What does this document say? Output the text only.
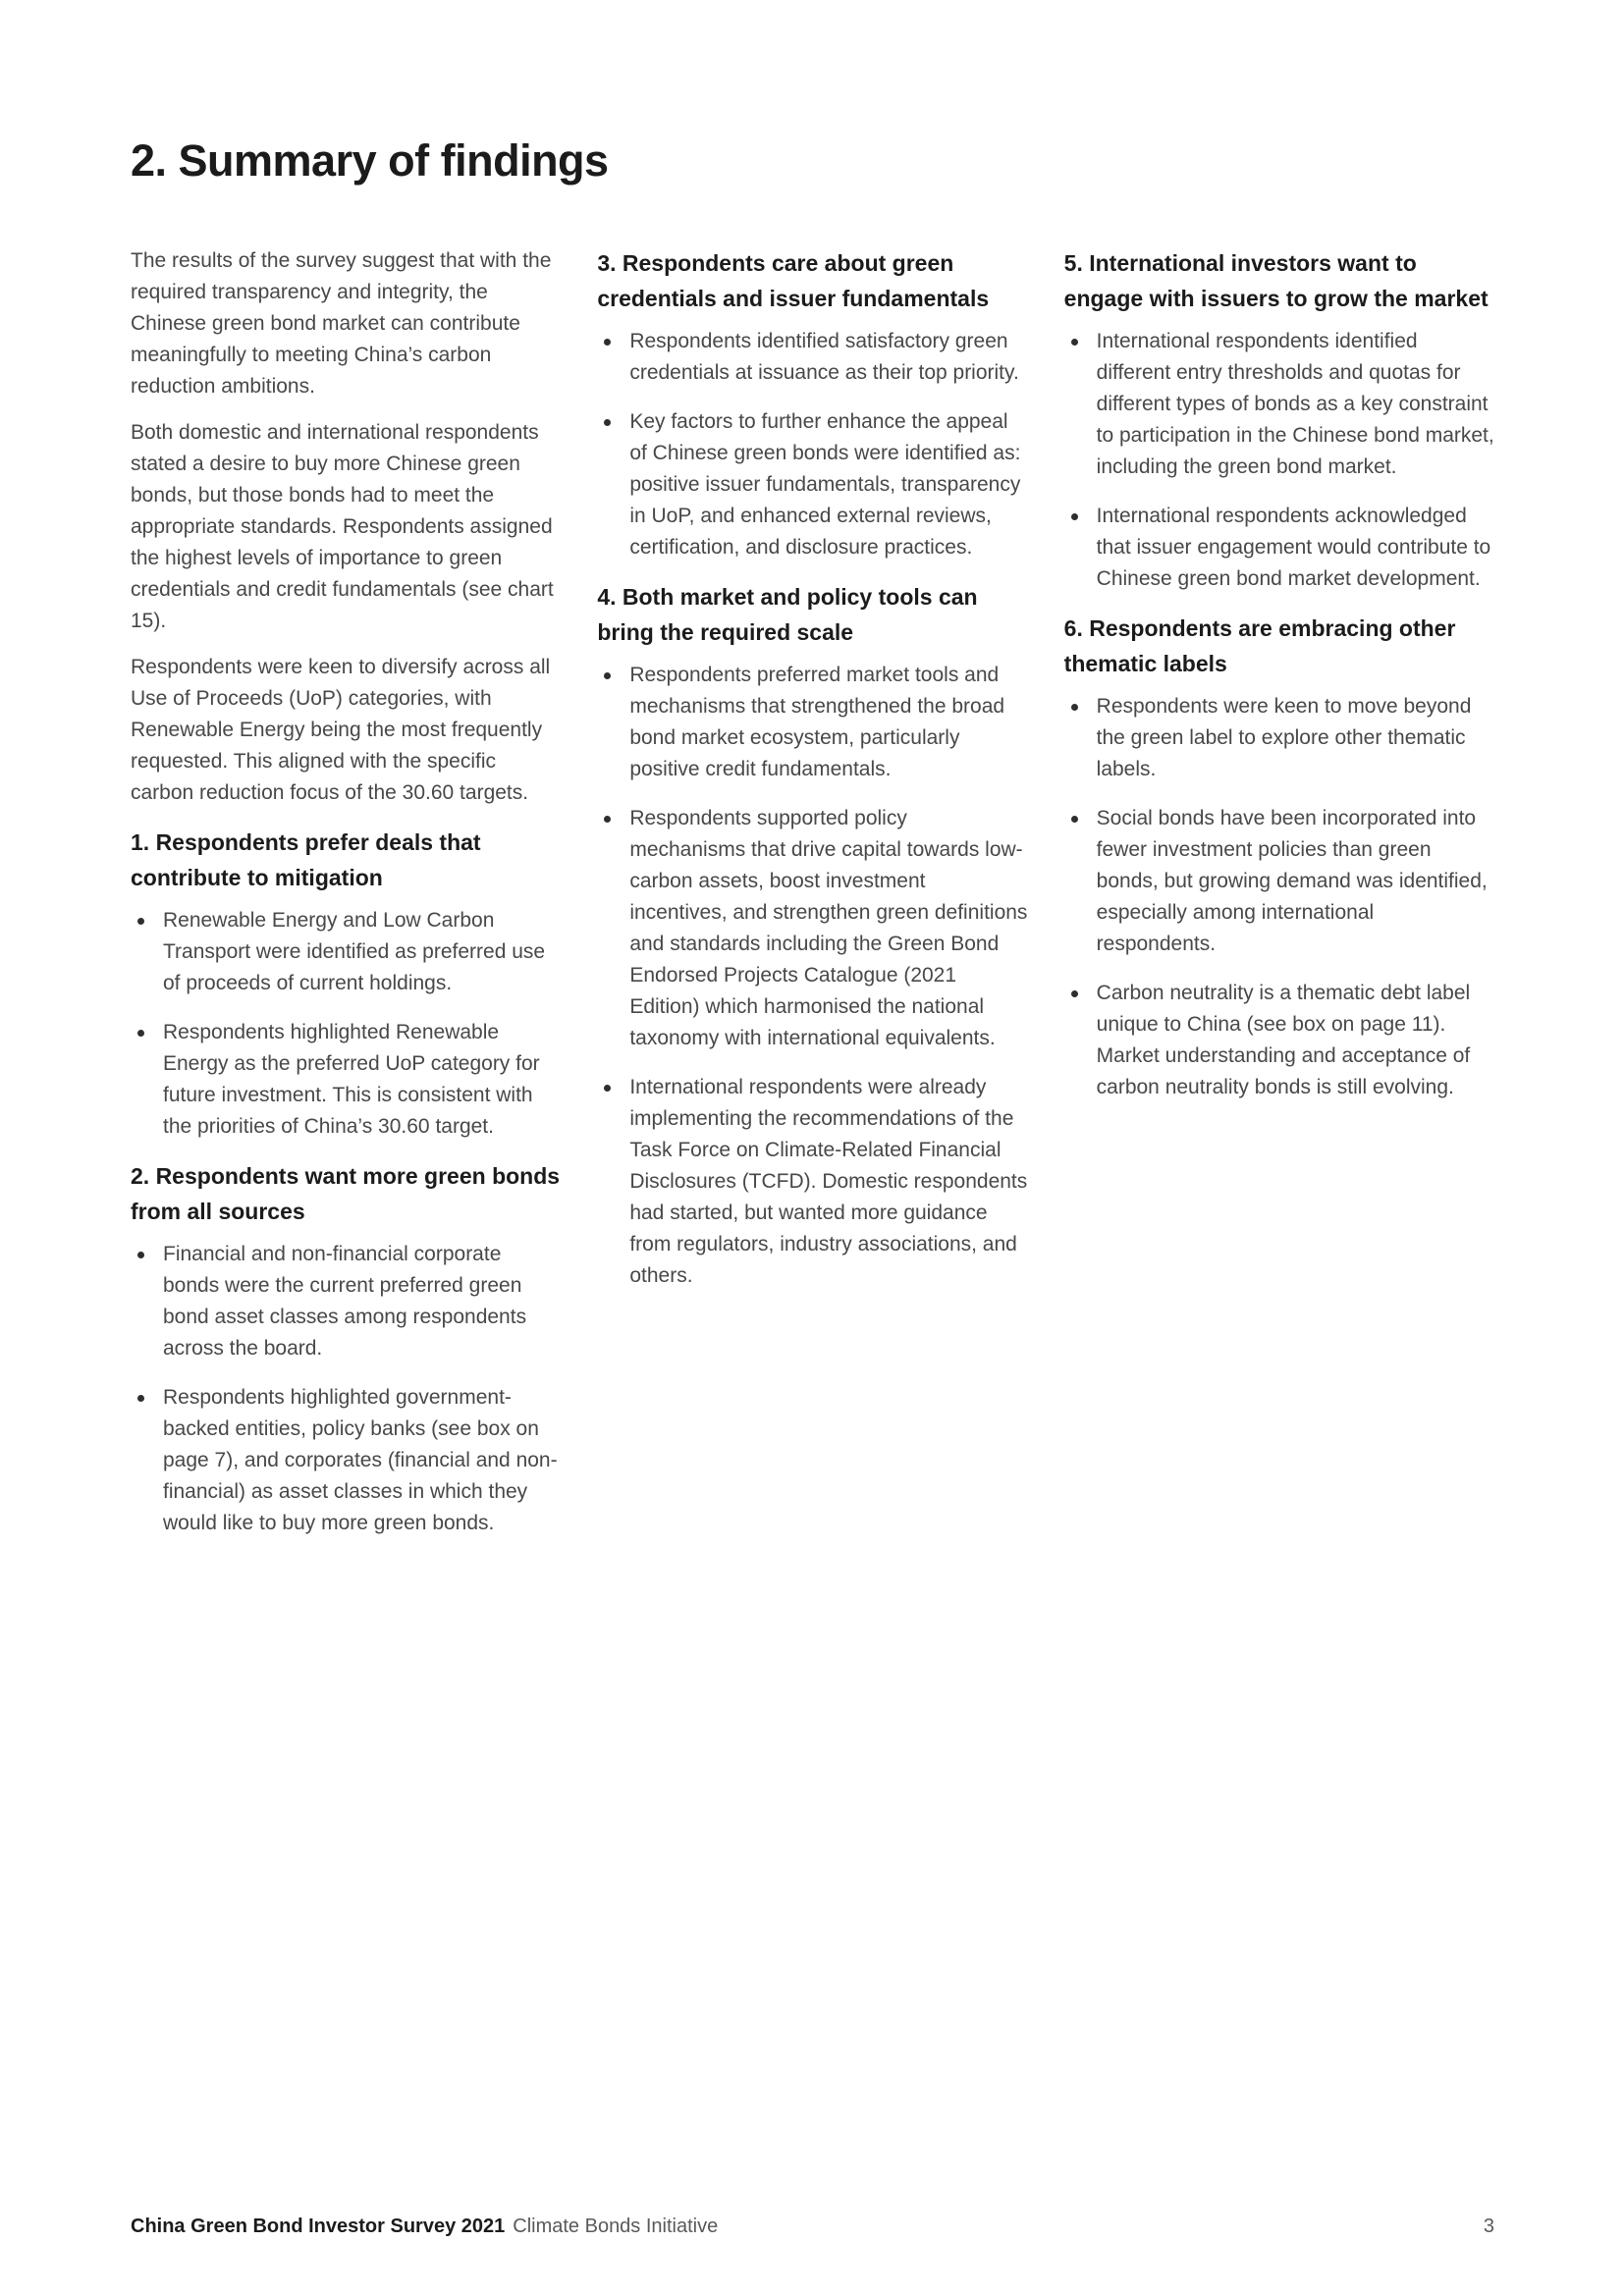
2. Summary of findings

The results of the survey suggest that with the required transparency and integrity, the Chinese green bond market can contribute meaningfully to meeting China’s carbon reduction ambitions.

Both domestic and international respondents stated a desire to buy more Chinese green bonds, but those bonds had to meet the appropriate standards. Respondents assigned the highest levels of importance to green credentials and credit fundamentals (see chart 15).

Respondents were keen to diversify across all Use of Proceeds (UoP) categories, with Renewable Energy being the most frequently requested. This aligned with the specific carbon reduction focus of the 30.60 targets.

1. Respondents prefer deals that contribute to mitigation
Renewable Energy and Low Carbon Transport were identified as preferred use of proceeds of current holdings.
Respondents highlighted Renewable Energy as the preferred UoP category for future investment. This is consistent with the priorities of China’s 30.60 target.
2. Respondents want more green bonds from all sources
Financial and non-financial corporate bonds were the current preferred green bond asset classes among respondents across the board.
Respondents highlighted government-backed entities, policy banks (see box on page 7), and corporates (financial and non-financial) as asset classes in which they would like to buy more green bonds.
3. Respondents care about green credentials and issuer fundamentals
Respondents identified satisfactory green credentials at issuance as their top priority.
Key factors to further enhance the appeal of Chinese green bonds were identified as: positive issuer fundamentals, transparency in UoP, and enhanced external reviews, certification, and disclosure practices.
4. Both market and policy tools can bring the required scale
Respondents preferred market tools and mechanisms that strengthened the broad bond market ecosystem, particularly positive credit fundamentals.
Respondents supported policy mechanisms that drive capital towards low-carbon assets, boost investment incentives, and strengthen green definitions and standards including the Green Bond Endorsed Projects Catalogue (2021 Edition) which harmonised the national taxonomy with international equivalents.
International respondents were already implementing the recommendations of the Task Force on Climate-Related Financial Disclosures (TCFD). Domestic respondents had started, but wanted more guidance from regulators, industry associations, and others.
5. International investors want to engage with issuers to grow the market
International respondents identified different entry thresholds and quotas for different types of bonds as a key constraint to participation in the Chinese bond market, including the green bond market.
International respondents acknowledged that issuer engagement would contribute to Chinese green bond market development.
6. Respondents are embracing other thematic labels
Respondents were keen to move beyond the green label to explore other thematic labels.
Social bonds have been incorporated into fewer investment policies than green bonds, but growing demand was identified, especially among international respondents.
Carbon neutrality is a thematic debt label unique to China (see box on page 11). Market understanding and acceptance of carbon neutrality bonds is still evolving.
China Green Bond Investor Survey 2021 Climate Bonds Initiative	3
